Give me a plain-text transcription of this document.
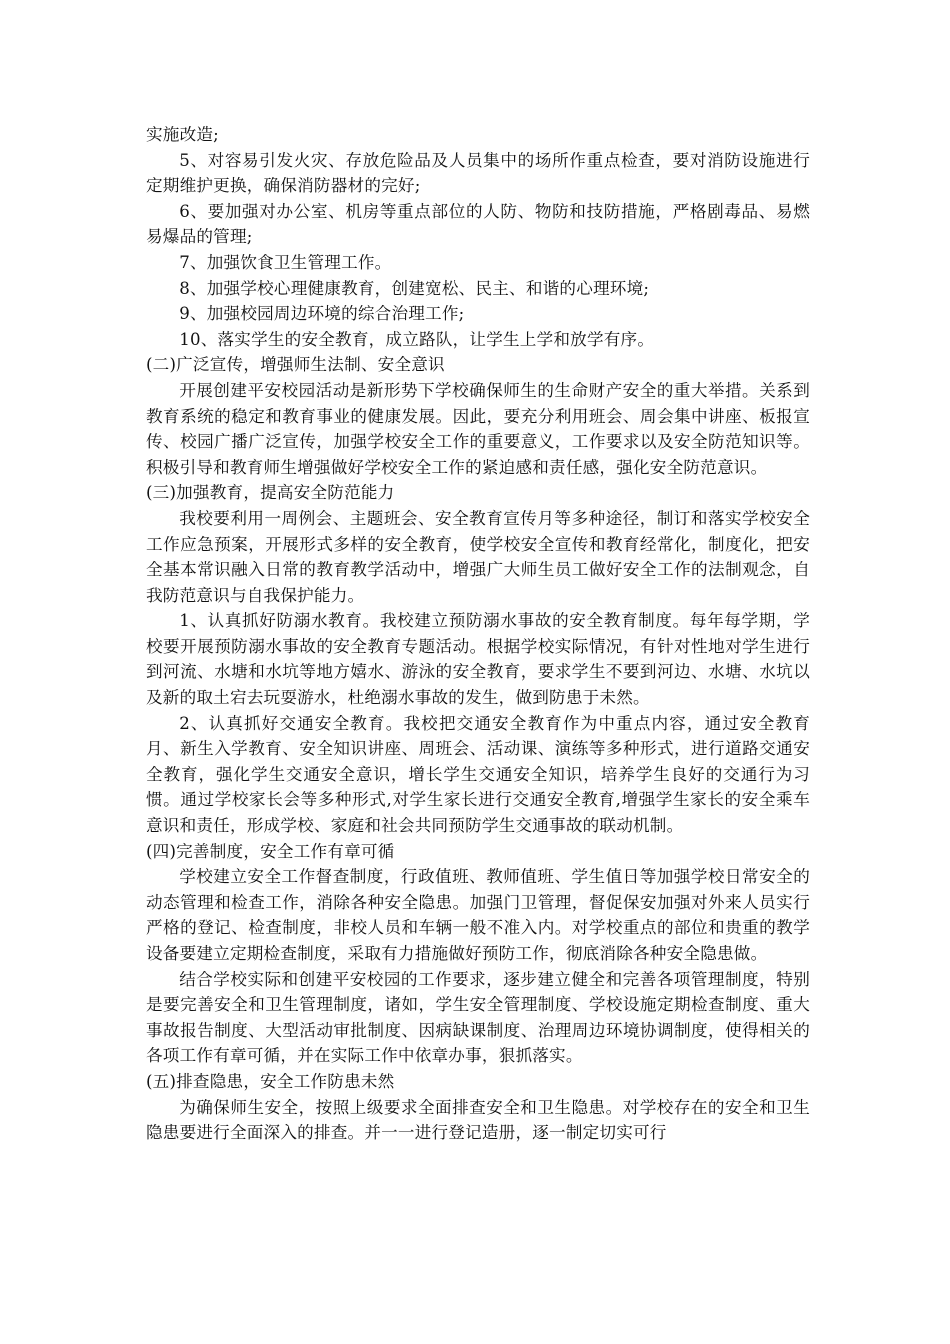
实施改造;

5、对容易引发火灾、存放危险品及人员集中的场所作重点检查，要对消防设施进行定期维护更换，确保消防器材的完好;

6、要加强对办公室、机房等重点部位的人防、物防和技防措施，严格剧毒品、易燃易爆品的管理;

7、加强饮食卫生管理工作。

8、加强学校心理健康教育，创建宽松、民主、和谐的心理环境;

9、加强校园周边环境的综合治理工作;

10、落实学生的安全教育，成立路队，让学生上学和放学有序。

(二)广泛宣传，增强师生法制、安全意识

开展创建平安校园活动是新形势下学校确保师生的生命财产安全的重大举措。关系到教育系统的稳定和教育事业的健康发展。因此，要充分利用班会、周会集中讲座、板报宣传、校园广播广泛宣传，加强学校安全工作的重要意义，工作要求以及安全防范知识等。积极引导和教育师生增强做好学校安全工作的紧迫感和责任感，强化安全防范意识。

(三)加强教育，提高安全防范能力

我校要利用一周例会、主题班会、安全教育宣传月等多种途径，制订和落实学校安全工作应急预案，开展形式多样的安全教育，使学校安全宣传和教育经常化，制度化，把安全基本常识融入日常的教育教学活动中，增强广大师生员工做好安全工作的法制观念，自我防范意识与自我保护能力。

1、认真抓好防溺水教育。我校建立预防溺水事故的安全教育制度。每年每学期，学校要开展预防溺水事故的安全教育专题活动。根据学校实际情况，有针对性地对学生进行到河流、水塘和水坑等地方嬉水、游泳的安全教育，要求学生不要到河边、水塘、水坑以及新的取土宕去玩耍游水，杜绝溺水事故的发生，做到防患于未然。

2、认真抓好交通安全教育。我校把交通安全教育作为中重点内容，通过安全教育月、新生入学教育、安全知识讲座、周班会、活动课、演练等多种形式，进行道路交通安全教育，强化学生交通安全意识，增长学生交通安全知识，培养学生良好的交通行为习惯。通过学校家长会等多种形式,对学生家长进行交通安全教育,增强学生家长的安全乘车意识和责任，形成学校、家庭和社会共同预防学生交通事故的联动机制。

(四)完善制度，安全工作有章可循

学校建立安全工作督查制度，行政值班、教师值班、学生值日等加强学校日常安全的动态管理和检查工作，消除各种安全隐患。加强门卫管理，督促保安加强对外来人员实行严格的登记、检查制度，非校人员和车辆一般不准入内。对学校重点的部位和贵重的教学设备要建立定期检查制度，采取有力措施做好预防工作，彻底消除各种安全隐患做。

结合学校实际和创建平安校园的工作要求，逐步建立健全和完善各项管理制度，特别是要完善安全和卫生管理制度，诸如，学生安全管理制度、学校设施定期检查制度、重大事故报告制度、大型活动审批制度、因病缺课制度、治理周边环境协调制度，使得相关的各项工作有章可循，并在实际工作中依章办事，狠抓落实。

(五)排查隐患，安全工作防患未然

为确保师生安全，按照上级要求全面排查安全和卫生隐患。对学校存在的安全和卫生隐患要进行全面深入的排查。并一一进行登记造册，逐一制定切实可行
